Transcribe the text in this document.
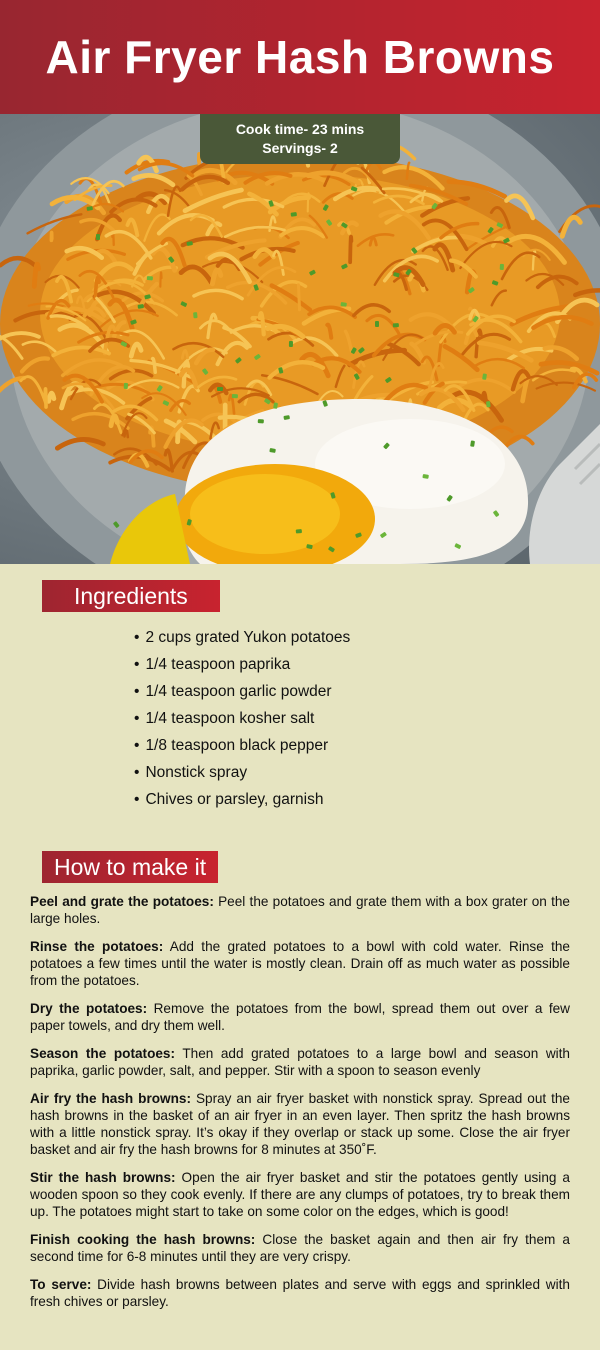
Air Fryer Hash Browns
Cook time- 23 mins
Servings- 2
Ingredients
• 2 cups grated Yukon potatoes
• 1/4 teaspoon paprika
• 1/4 teaspoon garlic powder
• 1/4 teaspoon kosher salt
• 1/8 teaspoon black pepper
• Nonstick spray
• Chives or parsley, garnish
How to make it

Peel and grate the potatoes: Peel the potatoes and grate them with a box grater on the large holes.

Rinse the potatoes: Add the grated potatoes to a bowl with cold water. Rinse the potatoes a few times until the water is mostly clean. Drain off as much water as possible from the potatoes.

Dry the potatoes: Remove the potatoes from the bowl, spread them out over a few paper towels, and dry them well.

Season the potatoes: Then add grated potatoes to a large bowl and season with paprika, garlic powder, salt, and pepper. Stir with a spoon to season evenly

Air fry the hash browns: Spray an air fryer basket with nonstick spray. Spread out the hash browns in the basket of an air fryer in an even layer. Then spritz the hash browns with a little nonstick spray. It’s okay if they overlap or stack up some. Close the air fryer basket and air fry the hash browns for 8 minutes at 350˚F.

Stir the hash browns: Open the air fryer basket and stir the potatoes gently using a wooden spoon so they cook evenly. If there are any clumps of potatoes, try to break them up. The potatoes might start to take on some color on the edges, which is good!

Finish cooking the hash browns: Close the basket again and then air fry them a second time for 6-8 minutes until they are very crispy.

To serve: Divide hash browns between plates and serve with eggs and sprinkled with fresh chives or parsley.
